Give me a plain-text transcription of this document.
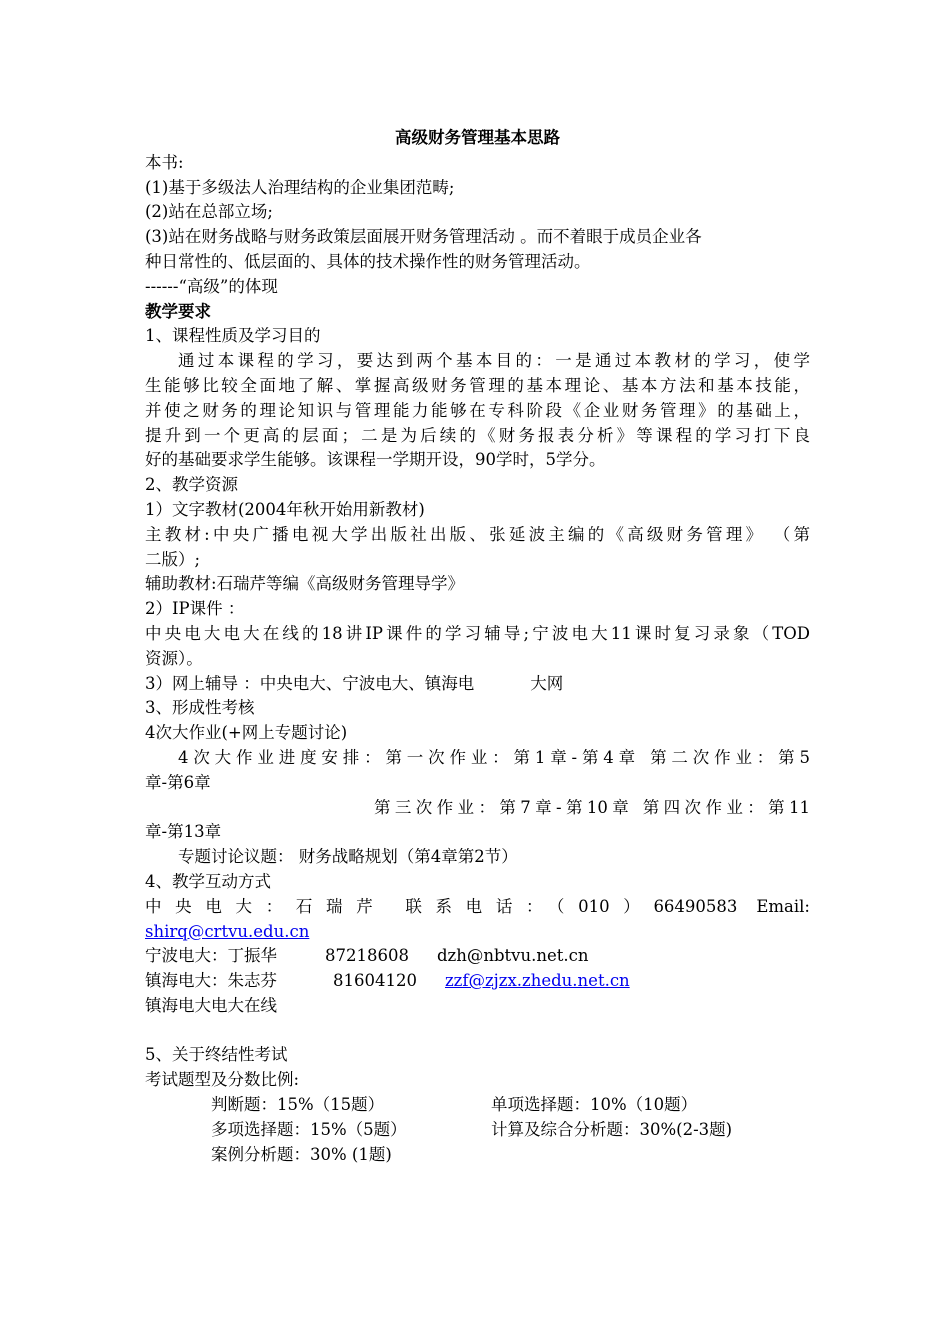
高级财务管理基本思路
本书:
(1)基于多级法人治理结构的企业集团范畴;
(2)站在总部立场;
(3)站在财务战略与财务政策层面展开财务管理活动 。而不着眼于成员企业各
种日常性的、低层面的、具体的技术操作性的财务管理活动。
------“高级”的体现
教学要求
1、课程性质及学习目的
通过本课程的学习，要达到两个基本目的：一是通过本教材的学习，使学
生能够比较全面地了解、掌握高级财务管理的基本理论、基本方法和基本技能，
并使之财务的理论知识与管理能力能够在专科阶段《企业财务管理》的基础上，
提升到一个更高的层面；二是为后续的《财务报表分析》等课程的学习打下良
好的基础要求学生能够。该课程一学期开设，90学时，5学分。
2、教学资源
1）文字教材(2004年秋开始用新教材)
主教材:中央广播电视大学出版社出版、张延波主编的《高级财务管理》 （第
二版）;
辅助教材:石瑞芹等编《高级财务管理导学》
2）IP课件 ：
中央电大电大在线的18讲IP课件的学习辅导;宁波电大11课时复习录象（TOD
资源）。
3）网上辅导 ：中央电大、宁波电大、镇海电	大网
3、形成性考核
4次大作业(+网上专题讨论)
4次大作业进度安排：第一次作业：第1章-第4章 第二次作业：第5
章-第6章
第三次作业：第7章-第10章 第四次作业：第11
章-第13章
专题讨论议题： 财务战略规划（第4章第2节）
4、教学互动方式
中央电大：石瑞芹 联系电话：（010）66490583 Email:
shirq@crtvu.edu.cn
宁波电大：丁振华	87218608 dzh@nbtvu.net.cn
镇海电大：朱志芬	81604120 zzf@zjzx.zhedu.net.cn
镇海电大电大在线
5、关于终结性考试
考试题型及分数比例:
判断题：15%（15题）	单项选择题：10%（10题）
多项选择题：15%（5题）	计算及综合分析题：30%(2-3题)
案例分析题：30% (1题)
